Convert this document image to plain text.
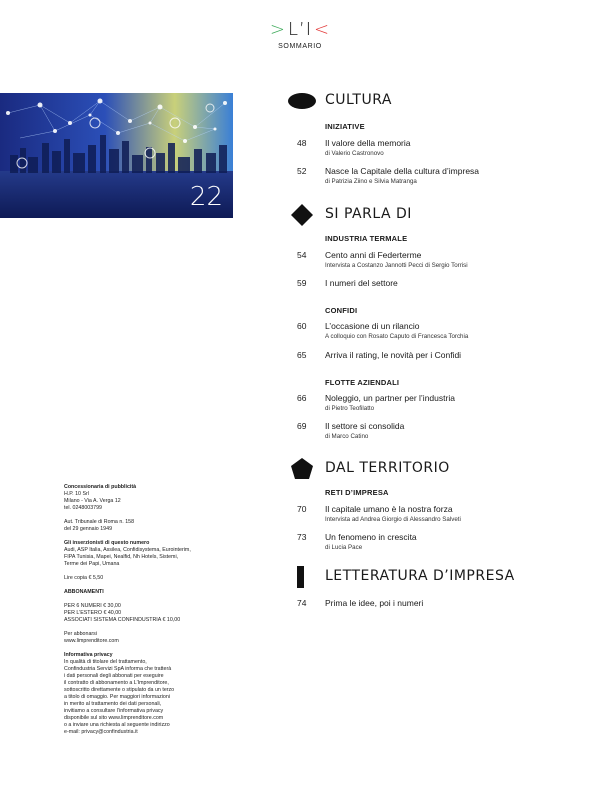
> L’I <
SOMMARIO
22
CULTURA
INIZIATIVE
48 Il valore della memoria
di Valerio Castronovo
52 Nasce la Capitale della cultura d’impresa
di Patrizia Ziino e Silvia Matranga
SI PARLA DI
INDUSTRIA TERMALE
54 Cento anni di Federterme
Intervista a Costanzo Jannotti Pecci di Sergio Torrisi
59 I numeri del settore
CONFIDI
60 L’occasione di un rilancio
A colloquio con Rosato Caputo di Francesca Torchia
65 Arriva il rating, le novità per i Confidi
FLOTTE AZIENDALI
66 Noleggio, un partner per l’industria
di Pietro Teofilatto
69 Il settore si consolida
di Marco Catino
DAL TERRITORIO
RETI D’IMPRESA
70 Il capitale umano è la nostra forza
Intervista ad Andrea Giorgio di Alessandro Salveti
73 Un fenomeno in crescita
di Lucia Pace
LETTERATURA D’IMPRESA
74 Prima le idee, poi i numeri

Concessionaria di pubblicità

H.P. 10 Srl
Milano - Via A. Verga 12
tel. 0248003799

Aut. Tribunale di Roma n. 158
del 29 gennaio 1949

Gli inserzionisti di questo numero

Audi, ASP Italia, Assilea, Confidisystema, Eurointerim,
FIPA Tunisia, Mapei, Nealfid, Nh Hotels, Sistemi,
Terme dei Papi, Umana

Lire copia € 5,50

ABBONAMENTI

PER 6 NUMERI € 30,00
PER L’ESTERO € 40,00
ASSOCIATI SISTEMA CONFINDUSTRIA € 10,00

Per abbonarsi
www.limprenditore.com

Informativa privacy

In qualità di titolare del trattamento,
Confindustria Servizi SpA informa che tratterà
i dati personali degli abbonati per eseguire
il contratto di abbonamento a L’Imprenditore,
sottoscritto direttamente o stipulato da un terzo
a titolo di omaggio. Per maggiori informazioni
in merito al trattamento dei dati personali,
invitiamo a consultare l’informativa privacy
disponibile sul sito www.limprenditore.com
o a inviare una richiesta al seguente indirizzo
e-mail: privacy@confindustria.it
